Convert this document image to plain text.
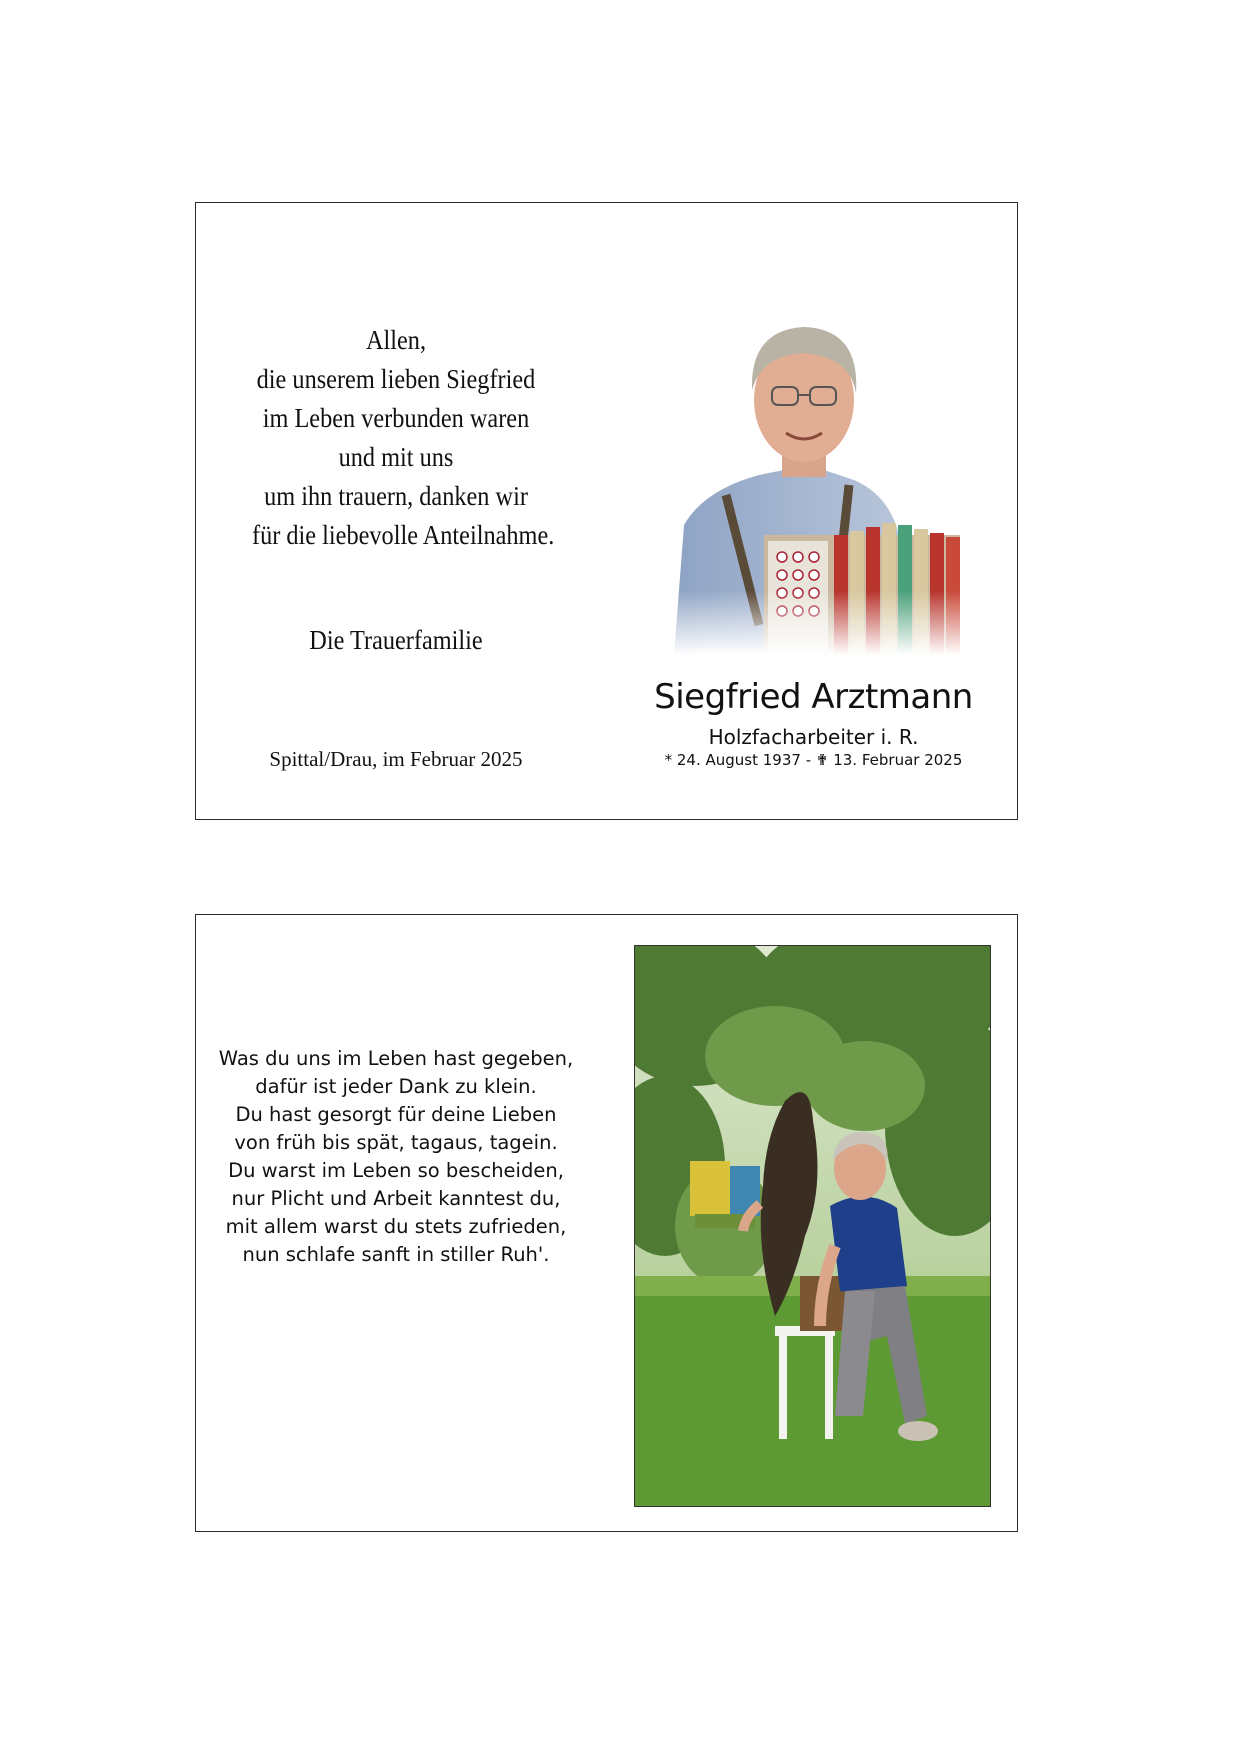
Allen,
die unserem lieben Siegfried
im Leben verbunden waren
und mit uns
um ihn trauern, danken wir
für die liebevolle Anteilnahme.
Die Trauerfamilie
Spittal/Drau, im Februar 2025
Siegfried Arztmann
Holzfacharbeiter i. R.
* 24. August 1937 - ✟ 13. Februar 2025
Was du uns im Leben hast gegeben,
dafür ist jeder Dank zu klein.
Du hast gesorgt für deine Lieben
von früh bis spät, tagaus, tagein.
Du warst im Leben so bescheiden,
nur Plicht und Arbeit kanntest du,
mit allem warst du stets zufrieden,
nun schlafe sanft in stiller Ruh'.
